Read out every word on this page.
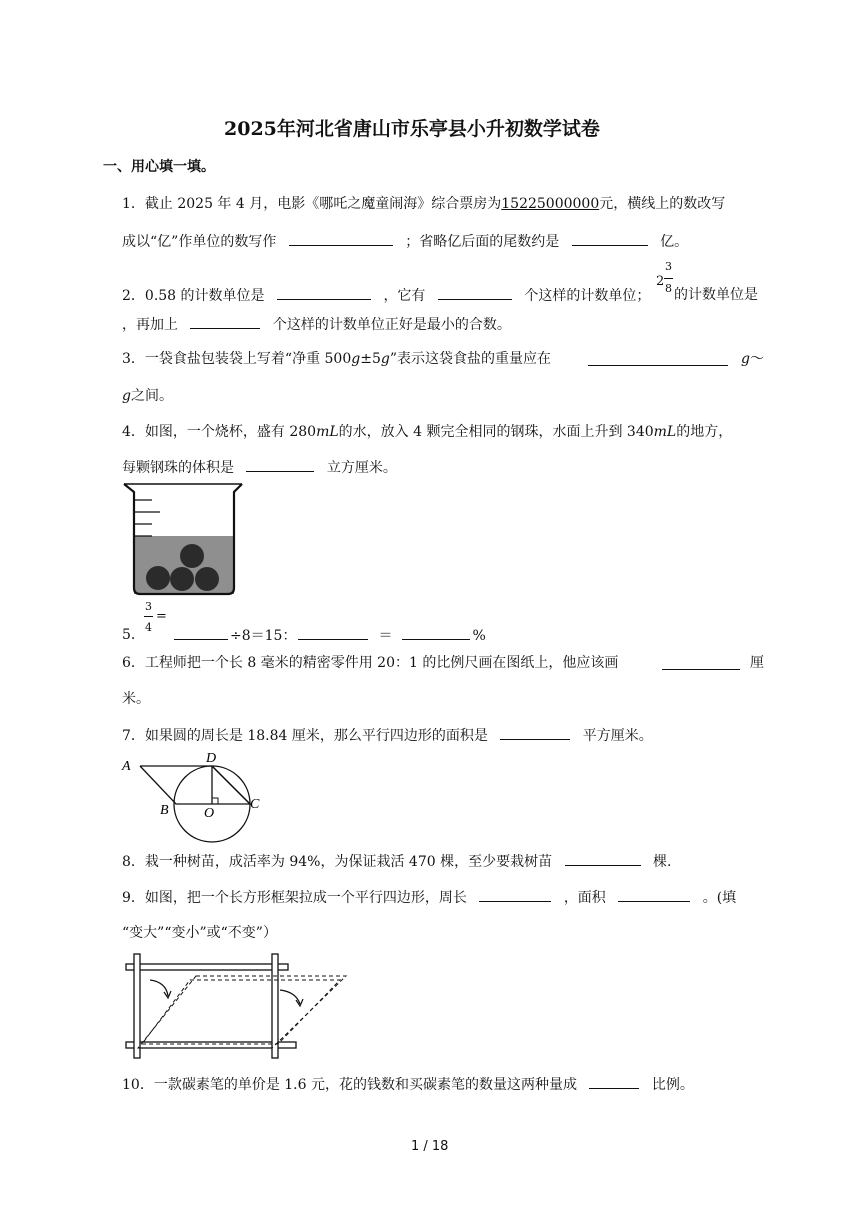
2025年河北省唐山市乐亭县小升初数学试卷
一、用心填一填。
1．截止 2025 年 4 月，电影《哪吒之魔童闹海》综合票房为15225000000元，横线上的数改写
成以“亿”作单位的数写作	；省略亿后面的尾数约是	亿。
2．0.58 的计数单位是	，它有	个这样的计数单位；
2
3
8 的计数单位是
，再加上	个这样的计数单位正好是最小的合数。
3．一袋食盐包装袋上写着“净重 500g±5g”表示这袋食盐的重量应在	g～
g之间。
4．如图，一个烧杯，盛有 280mL的水，放入 4 颗完全相同的钢珠，水面上升到 340mL的地方，
每颗钢珠的体积是	立方厘米。
5．
3
=
4
÷8＝15：	＝	%
6．工程师把一个长 8 毫米的精密零件用 20：1 的比例尺画在图纸上，他应该画	厘
米。
7．如果圆的周长是 18.84 厘米，那么平行四边形的面积是	平方厘米。
A
D
B	O
C
8．栽一种树苗，成活率为 94%，为保证栽活 470 棵，至少要栽树苗	棵.
9．如图，把一个长方形框架拉成一个平行四边形，周长	，面积	。(填
“变大”“变小”或“不变”）
10．一款碳素笔的单价是 1.6 元，花的钱数和买碳素笔的数量这两种量成	比例。
1 / 18
